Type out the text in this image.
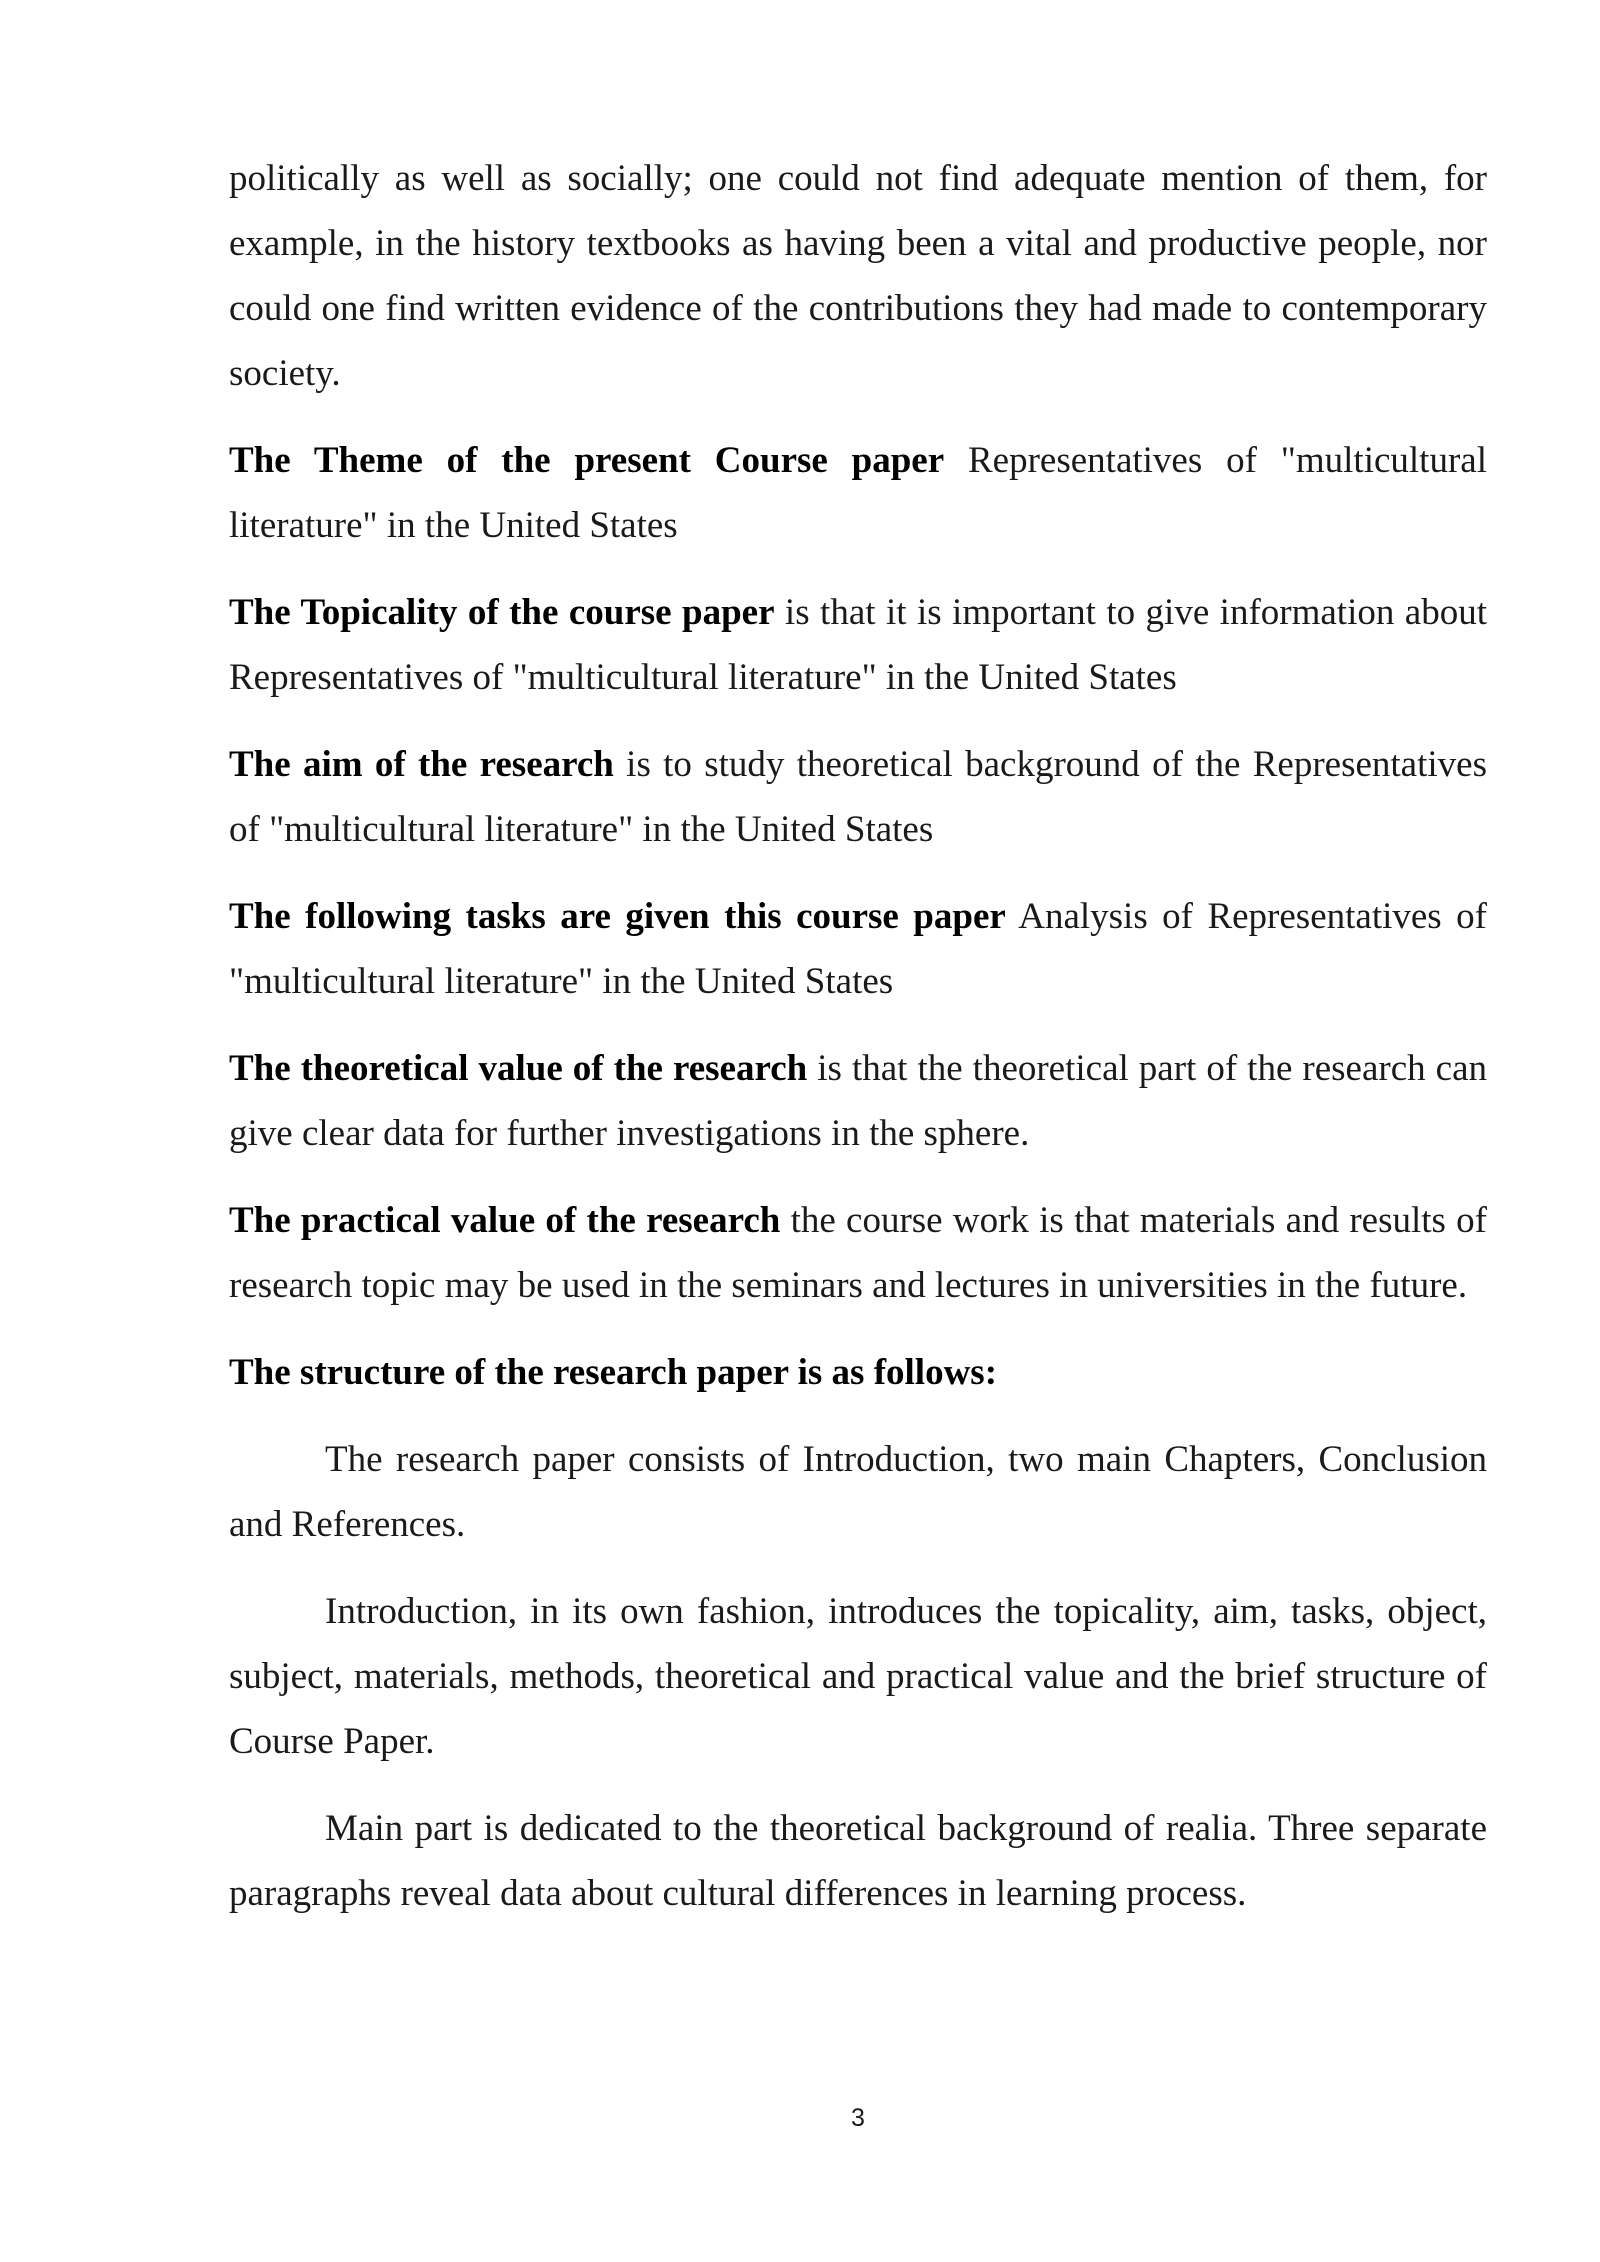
politically as well as socially; one could not find adequate mention of them, for example, in the history textbooks as having been a vital and productive people, nor could one find written evidence of the contributions they had made to contemporary society.

The Theme of the present Course paper Representatives of "multicultural literature" in the United States

The Topicality of the course paper is that it is important to give information about Representatives of "multicultural literature" in the United States

The aim of the research is to study theoretical background of the Representatives of "multicultural literature" in the United States

The following tasks are given this course paper Analysis of Representatives of "multicultural literature" in the United States

The theoretical value of the research is that the theoretical part of the research can give clear data for further investigations in the sphere.

The practical value of the research the course work is that materials and results of research topic may be used in the seminars and lectures in universities in the future.

The structure of the research paper is as follows:

The research paper consists of Introduction, two main Chapters, Conclusion and References.

Introduction, in its own fashion, introduces the topicality, aim, tasks, object, subject, materials, methods, theoretical and practical value and the brief structure of Course Paper.

Main part is dedicated to the theoretical background of realia. Three separate paragraphs reveal data about cultural differences in learning process.

3
